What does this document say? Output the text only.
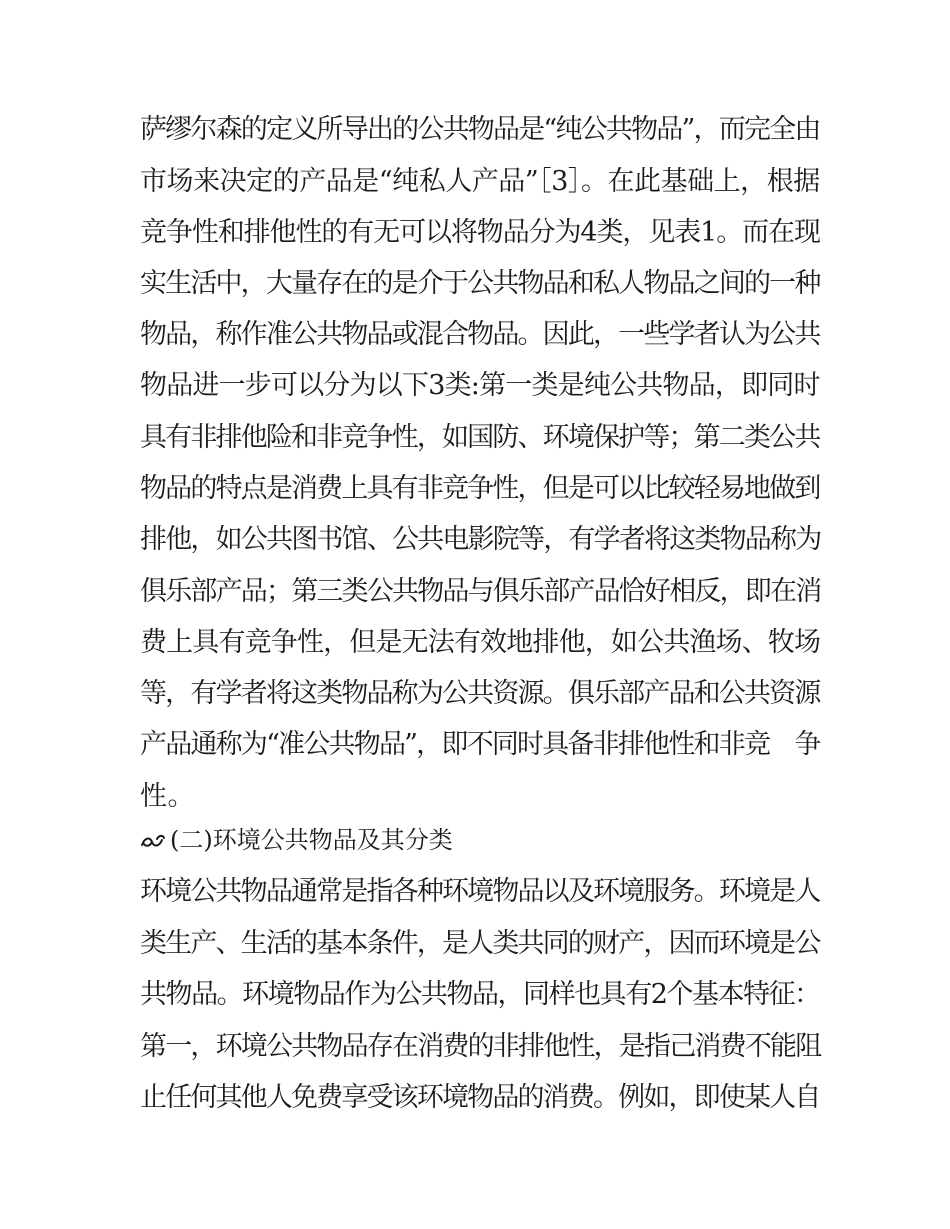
萨缪尔森的定义所导出的公共物品是“纯公共物品”，而完全由
市场来决定的产品是“纯私人产品”［3］。在此基础上，根据
竞争性和排他性的有无可以将物品分为4类，见表1。而在现
实生活中，大量存在的是介于公共物品和私人物品之间的一种
物品，称作准公共物品或混合物品。因此，一些学者认为公共
物品进一步可以分为以下3类:第一类是纯公共物品，即同时
具有非排他险和非竞争性，如国防、环境保护等；第二类公共
物品的特点是消费上具有非竞争性，但是可以比较轻易地做到
排他，如公共图书馆、公共电影院等，有学者将这类物品称为
俱乐部产品；第三类公共物品与俱乐部产品恰好相反，即在消
费上具有竞争性，但是无法有效地排他，如公共渔场、牧场
等，有学者将这类物品称为公共资源。俱乐部产品和公共资源
产品通称为“准公共物品”，即不同时具备非排他性和非竞　争
性。
(二)环境公共物品及其分类
环境公共物品通常是指各种环境物品以及环境服务。环境是人
类生产、生活的基本条件，是人类共同的财产，因而环境是公
共物品。环境物品作为公共物品，同样也具有2个基本特征：
第一，环境公共物品存在消费的非排他性，是指己消费不能阻
止任何其他人免费享受该环境物品的消费。例如，即使某人自
